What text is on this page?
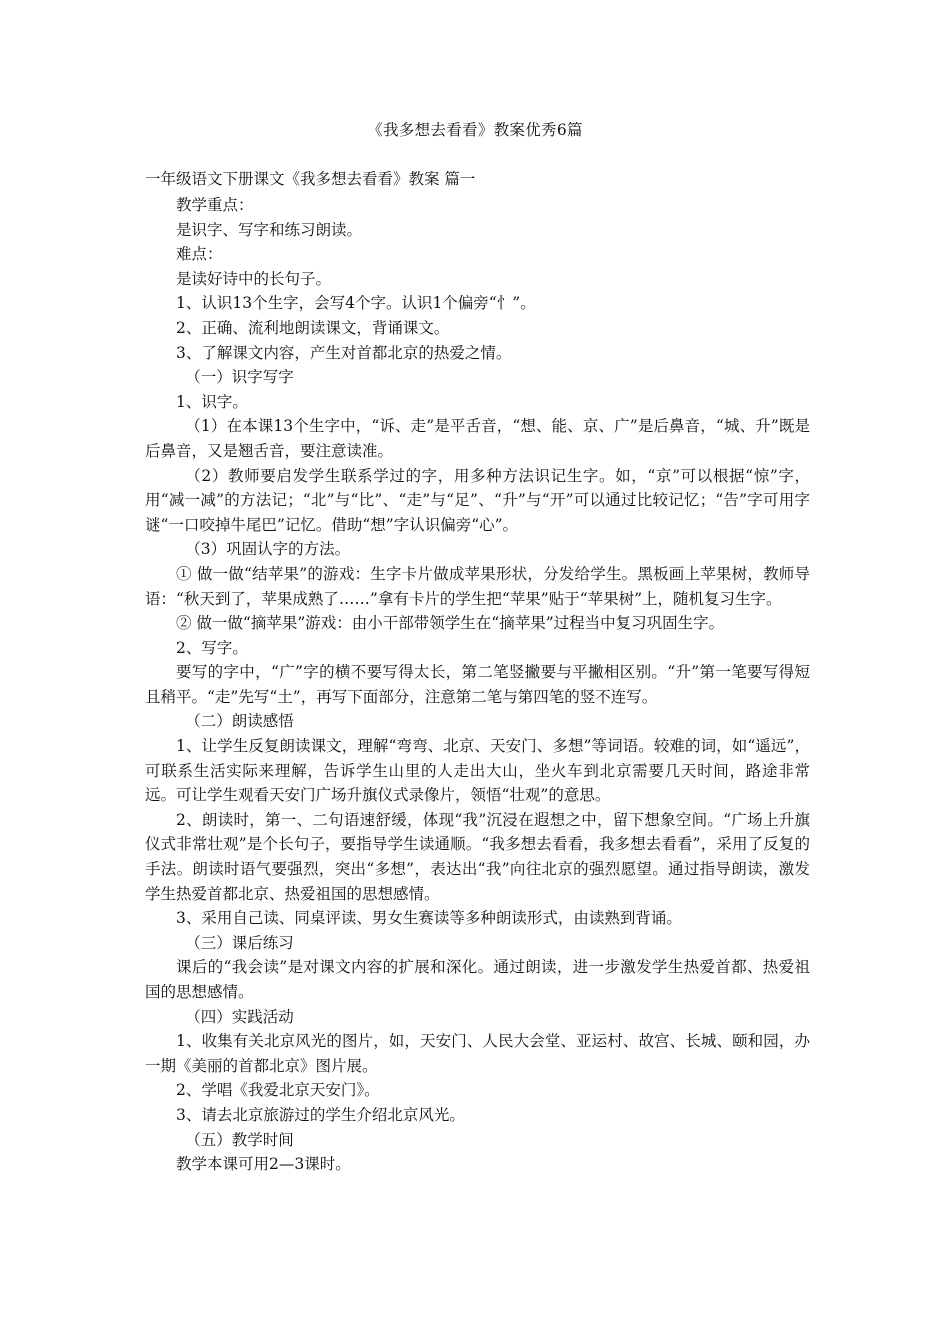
《我多想去看看》教案优秀6篇
一年级语文下册课文《我多想去看看》教案 篇一

教学重点：

是识字、写字和练习朗读。

难点：

是读好诗中的长句子。

1、认识13个生字，会写4个字。认识1个偏旁“忄”。

2、正确、流利地朗读课文，背诵课文。

3、了解课文内容，产生对首都北京的热爱之情。

（一）识字写字

1、识字。

（1）在本课13个生字中，“诉、走”是平舌音，“想、能、京、广”是后鼻音，“城、升”既是后鼻音，又是翘舌音，要注意读准。

（2）教师要启发学生联系学过的字，用多种方法识记生字。如，“京”可以根据“惊”字，用“减一减”的方法记；“北”与“比”、“走”与“足”、“升”与“开”可以通过比较记忆；“告”字可用字谜“一口咬掉牛尾巴”记忆。借助“想”字认识偏旁“心”。

（3）巩固认字的方法。

① 做一做“结苹果”的游戏：生字卡片做成苹果形状，分发给学生。黑板画上苹果树，教师导语：“秋天到了，苹果成熟了……”拿有卡片的学生把“苹果”贴于“苹果树”上，随机复习生字。

② 做一做“摘苹果”游戏：由小干部带领学生在“摘苹果”过程当中复习巩固生字。

2、写字。

要写的字中，“广”字的横不要写得太长，第二笔竖撇要与平撇相区别。“升”第一笔要写得短且稍平。“走”先写“土”，再写下面部分，注意第二笔与第四笔的竖不连写。

（二）朗读感悟

1、让学生反复朗读课文，理解“弯弯、北京、天安门、多想”等词语。较难的词，如“遥远”，可联系生活实际来理解，告诉学生山里的人走出大山，坐火车到北京需要几天时间，路途非常远。可让学生观看天安门广场升旗仪式录像片，领悟“壮观”的意思。

2、朗读时，第一、二句语速舒缓，体现“我”沉浸在遐想之中，留下想象空间。“广场上升旗仪式非常壮观”是个长句子，要指导学生读通顺。“我多想去看看，我多想去看看”，采用了反复的手法。朗读时语气要强烈，突出“多想”，表达出“我”向往北京的强烈愿望。通过指导朗读，激发学生热爱首都北京、热爱祖国的思想感情。

3、采用自己读、同桌评读、男女生赛读等多种朗读形式，由读熟到背诵。

（三）课后练习

课后的“我会读”是对课文内容的扩展和深化。通过朗读，进一步激发学生热爱首都、热爱祖国的思想感情。

（四）实践活动

1、收集有关北京风光的图片，如，天安门、人民大会堂、亚运村、故宫、长城、颐和园，办一期《美丽的首都北京》图片展。

2、学唱《我爱北京天安门》。

3、请去北京旅游过的学生介绍北京风光。

（五）教学时间

教学本课可用2—3课时。
